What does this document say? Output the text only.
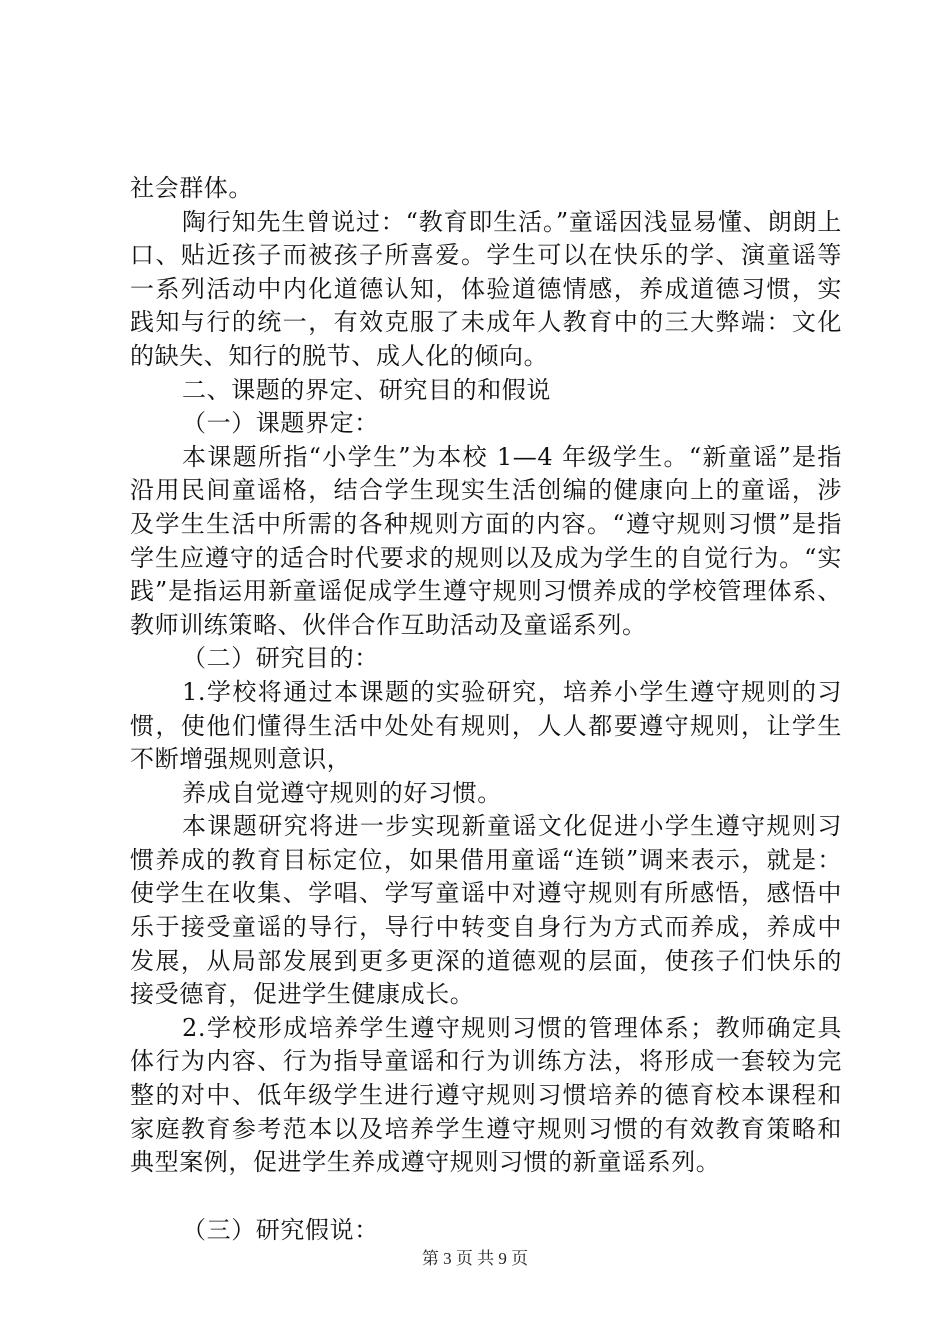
社会群体。

陶行知先生曾说过：“教育即生活。”童谣因浅显易懂、朗朗上口、贴近孩子而被孩子所喜爱。学生可以在快乐的学、演童谣等一系列活动中内化道德认知，体验道德情感，养成道德习惯，实践知与行的统一，有效克服了未成年人教育中的三大弊端：文化的缺失、知行的脱节、成人化的倾向。

二、课题的界定、研究目的和假说

（一）课题界定：

本课题所指“小学生”为本校 1—4 年级学生。“新童谣”是指沿用民间童谣格，结合学生现实生活创编的健康向上的童谣，涉及学生生活中所需的各种规则方面的内容。“遵守规则习惯”是指学生应遵守的适合时代要求的规则以及成为学生的自觉行为。“实践”是指运用新童谣促成学生遵守规则习惯养成的学校管理体系、教师训练策略、伙伴合作互助活动及童谣系列。

（二）研究目的：

1.学校将通过本课题的实验研究，培养小学生遵守规则的习惯，使他们懂得生活中处处有规则，人人都要遵守规则，让学生不断增强规则意识，

养成自觉遵守规则的好习惯。

本课题研究将进一步实现新童谣文化促进小学生遵守规则习惯养成的教育目标定位，如果借用童谣“连锁”调来表示，就是：使学生在收集、学唱、学写童谣中对遵守规则有所感悟，感悟中乐于接受童谣的导行，导行中转变自身行为方式而养成，养成中发展，从局部发展到更多更深的道德观的层面，使孩子们快乐的接受德育，促进学生健康成长。

2.学校形成培养学生遵守规则习惯的管理体系；教师确定具体行为内容、行为指导童谣和行为训练方法，将形成一套较为完整的对中、低年级学生进行遵守规则习惯培养的德育校本课程和家庭教育参考范本以及培养学生遵守规则习惯的有效教育策略和典型案例，促进学生养成遵守规则习惯的新童谣系列。

（三）研究假说：

第 3 页 共 9 页
